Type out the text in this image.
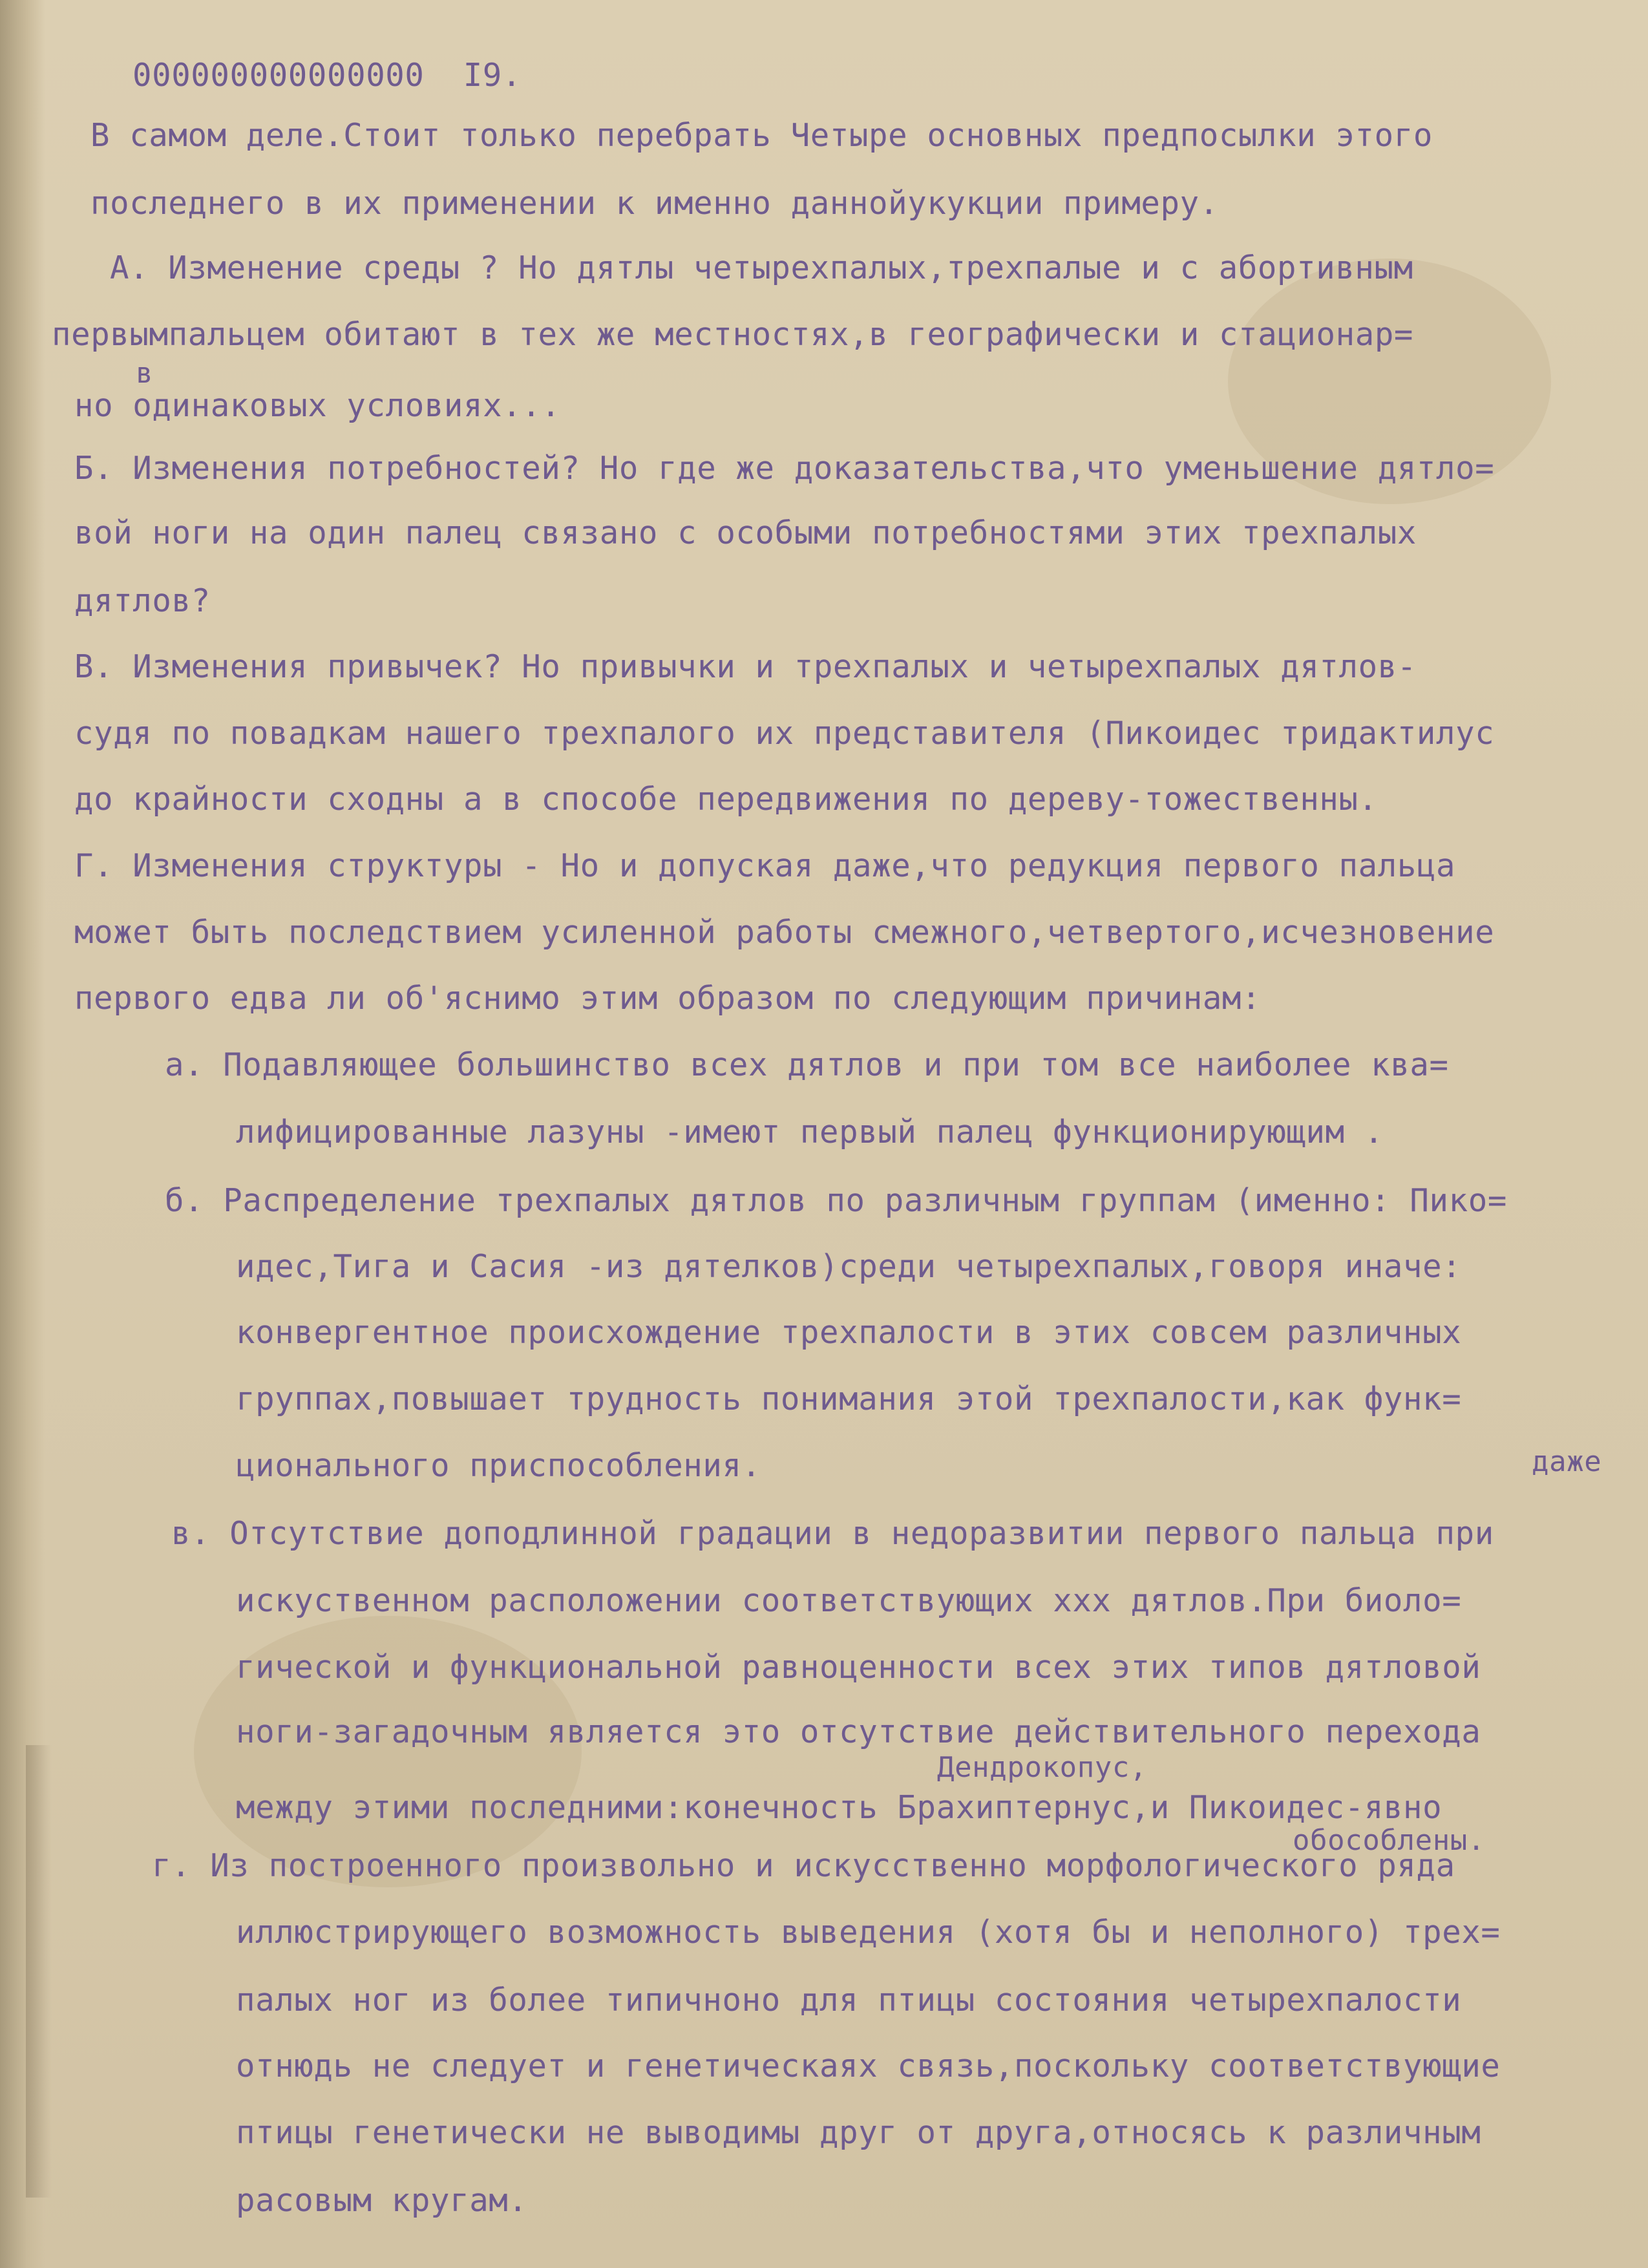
000000000000000  I9.
В самом деле.Стоит только перебрать Четыре основных предпосылки этого
последнего в их применении к именно даннойукукции примеру.
А. Изменение среды ? Но дятлы четырехпалых,трехпалые и с абортивным
первымпальцем обитают в тех же местностях,в географически и стационар=
в
но одинаковых условиях...
Б. Изменения потребностей? Но где же доказательства,что уменьшение дятло=
вой ноги на один палец связано с особыми потребностями этих трехпалых
дятлов?
В. Изменения привычек? Но привычки и трехпалых и четырехпалых дятлов-
судя по повадкам нашего трехпалого их представителя (Пикоидес тридактилус
до крайности сходны а в способе передвижения по дереву-тожественны.
Г. Изменения структуры - Но и допуская даже,что редукция первого пальца
может быть последствием усиленной работы смежного,четвертого,исчезновение
первого едва ли об'яснимо этим образом по следующим причинам:
а. Подавляющее большинство всех дятлов и при том все наиболее ква=
лифицированные лазуны -имеют первый палец функционирующим .
б. Распределение трехпалых дятлов по различным группам (именно: Пико=
идес,Тига и Сасия -из дятелков)среди четырехпалых,говоря иначе:
конвергентное происхождение трехпалости в этих совсем различных
группах,повышает трудность понимания этой трехпалости,как функ=
ционального приспособления.	даже
в. Отсутствие доподлинной градации в недоразвитии первого пальца при
искуственном расположении соответствующих ххх дятлов.При биоло=
гической и функциональной равноценности всех этих типов дятловой
ноги-загадочным является это отсутствие действительного перехода
Дендрокопус,
между этими последними:конечность Брахиптернус,и Пикоидес-явно
обособлены.
г. Из построенного произвольно и искусственно морфологического ряда
иллюстрирующего возможность выведения (хотя бы и неполного) трех=
палых ног из более типичноно для птицы состояния четырехпалости
отнюдь не следует и генетическаях связь,поскольку соответствующие
птицы генетически не выводимы друг от друга,относясь к различным
расовым кругам.
